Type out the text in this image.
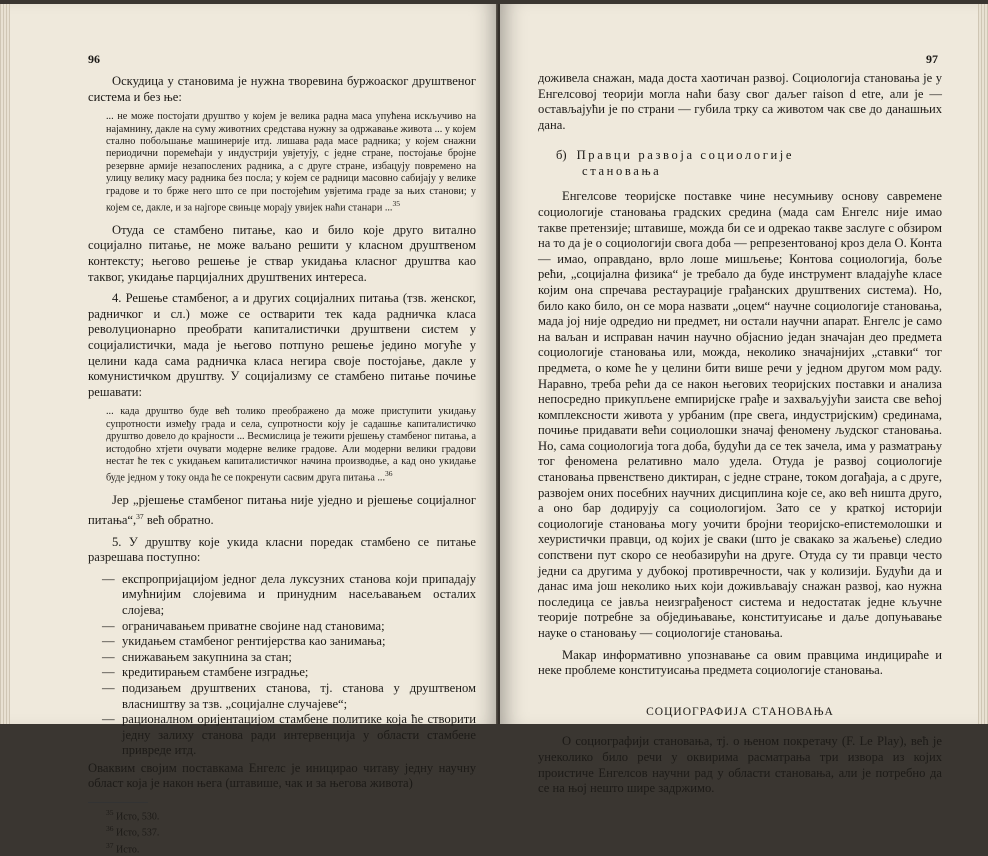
96

Оскудица у становима је нужна творевина буржоаског друштвеног система и без ње:

... не може постојати друштво у којем је велика радна маса упућена искључиво на најамнину, дакле на суму животних средстава нужну за одржавање живота ... у којем стално побољшање машинерије итд. лишава рада масе радника; у којем снажни периодични поремећаји у индустрији увјетују, с једне стране, постојање бројне резервне армије незапослених радника, а с друге стране, избацују повремено на улицу велику масу радника без посла; у којем се радници масовно сабијају у велике градове и то брже него што се при постојећим увјетима граде за њих станови; у којем се, дакле, и за најгоре свињце морају увијек наћи станари ...$^{35}$

Отуда се стамбено питање, као и било које друго витално социјално питање, не може ваљано решити у класном друштвеном контексту; његово решење је ствар укидања класног друштва као таквог, укидање парцијалних друштвених интереса.

4. Решење стамбеног, а и других социјалних питања (тзв. женског, радничког и сл.) може се остварити тек када радничка класа револуционарно преобрати капиталистички друштвени систем у социјалистички, мада је његово потпуно решење једино могуће у целини када сама радничка класа негира своје постојање, дакле у комунистичком друштву. У социјализму се стамбено питање почиње решавати:

... када друштво буде већ толико преображено да може приступити укидању супротности између града и села, супротности коју је садашње капиталистичко друштво довело до крајности ... Весмислица је тежити рјешењу стамбеног питања, а истодобно хтјети очувати модерне велике градове. Али модерни велики градови нестат ће тек с укидањем капиталистичког начина производње, а кад оно укидање буде једном у току онда ће се покренути сасвим друга питања ...$^{36}$

Јер „рјешење стамбеног питања није уједно и рјешење социјалног питања“,$^{37}$ већ обратно.

5. У друштву које укида класни поредак стамбено се питање разрешава поступно:

— експропријацијом једног дела луксузних станова који припадају имућнијим слојевима и принудним насељавањем осталих слојева;
— ограничавањем приватне својине над становима;
— укидањем стамбеног рентијерства као занимања;
— снижавањем закупнина за стан;
— кредитирањем стамбене изградње;
— подизањем друштвених станова, тј. станова у друштвеном власништву за тзв. „социјалне случајеве“;
— рационалном оријентацијом стамбене политике која ће створити једну залиху станова ради интервенција у области стамбене привреде итд.

Оваквим својим поставкама Енгелс је иницирао читаву једну научну област која је након њега (штавише, чак и за његова живота)

$^{35}$ Исто, 530.
$^{36}$ Исто, 537.
$^{37}$ Исто.
97

доживела снажан, мада доста хаотичан развој. Социологија становања је у Енгелсовој теорији могла наћи базу свог даљег raison d etre, али је — остављајући је по страни — губила трку са животом чак све до данашњих дана.

б) Правци развоја социологије
становања

Енгелсове теоријске поставке чине несумњиву основу савремене социологије становања градских средина (мада сам Енгелс није имао такве претензије; штавише, можда би се и одрекао такве заслуге с обзиром на то да је о социологији свога доба — репрезентованој кроз дела О. Конта — имао, оправдано, врло лоше мишљење; Контова социологија, боље рећи, „социјална физика“ је требало да буде инструмент владајуће класе којим она спречава рестаурације грађанских друштвених система). Но, било како било, он се мора назвати „оцем“ научне социологије становања, мада јој није одредио ни предмет, ни остали научни апарат. Енгелс је само на ваљан и исправан начин научно објаснио један значајан део предмета социологије становања или, можда, неколико значајнијих „ставки“ тог предмета, о коме ће у целини бити више речи у једном другом мом раду. Наравно, треба рећи да се након његових теоријских поставки и анализа непосредно прикупљене емпиријске грађе и захваљујући заиста све већој комплексности живота у урбаним (пре свега, индустријским) срединама, почиње придавати већи социолошки значај феномену људског становања. Но, сама социологија тога доба, будући да се тек зачела, има у разматрању тог феномена релативно мало удела. Отуда је развој социологије становања првенствено диктиран, с једне стране, током догађаја, а с друге, развојем оних посебних научних дисциплина које се, ако већ ништа друго, а оно бар додирују са социологијом. Зато се у краткој историји социологије становања могу уочити бројни теоријско-епистемолошки и хеуристички правци, од којих је сваки (што је свакако за жаљење) следио сопствени пут скоро се необазирући на друге. Отуда су ти правци често једни са другима у дубокој противречности, чак у колизији. Будући да и данас има још неколико њих који доживљавају снажан развој, као нужна последица се јавља неизграђеност система и недостатак једне кључне теорије потребне за обједињавање, конституисање и даље допуњавање науке о становању — социологије становања.

Макар информативно упознавање са овим правцима индицираће и неке проблеме конституисања предмета социологије становања.

СОЦИОГРАФИЈА СТАНОВАЊА

О социографији становања, тј. о њеном покретачу (F. Le Play), већ је унеколико било речи у оквирима расматрања три извора из којих проистиче Енгелсов научни рад у области становања, али је потребно да се на њој нешто шире задржимо.
